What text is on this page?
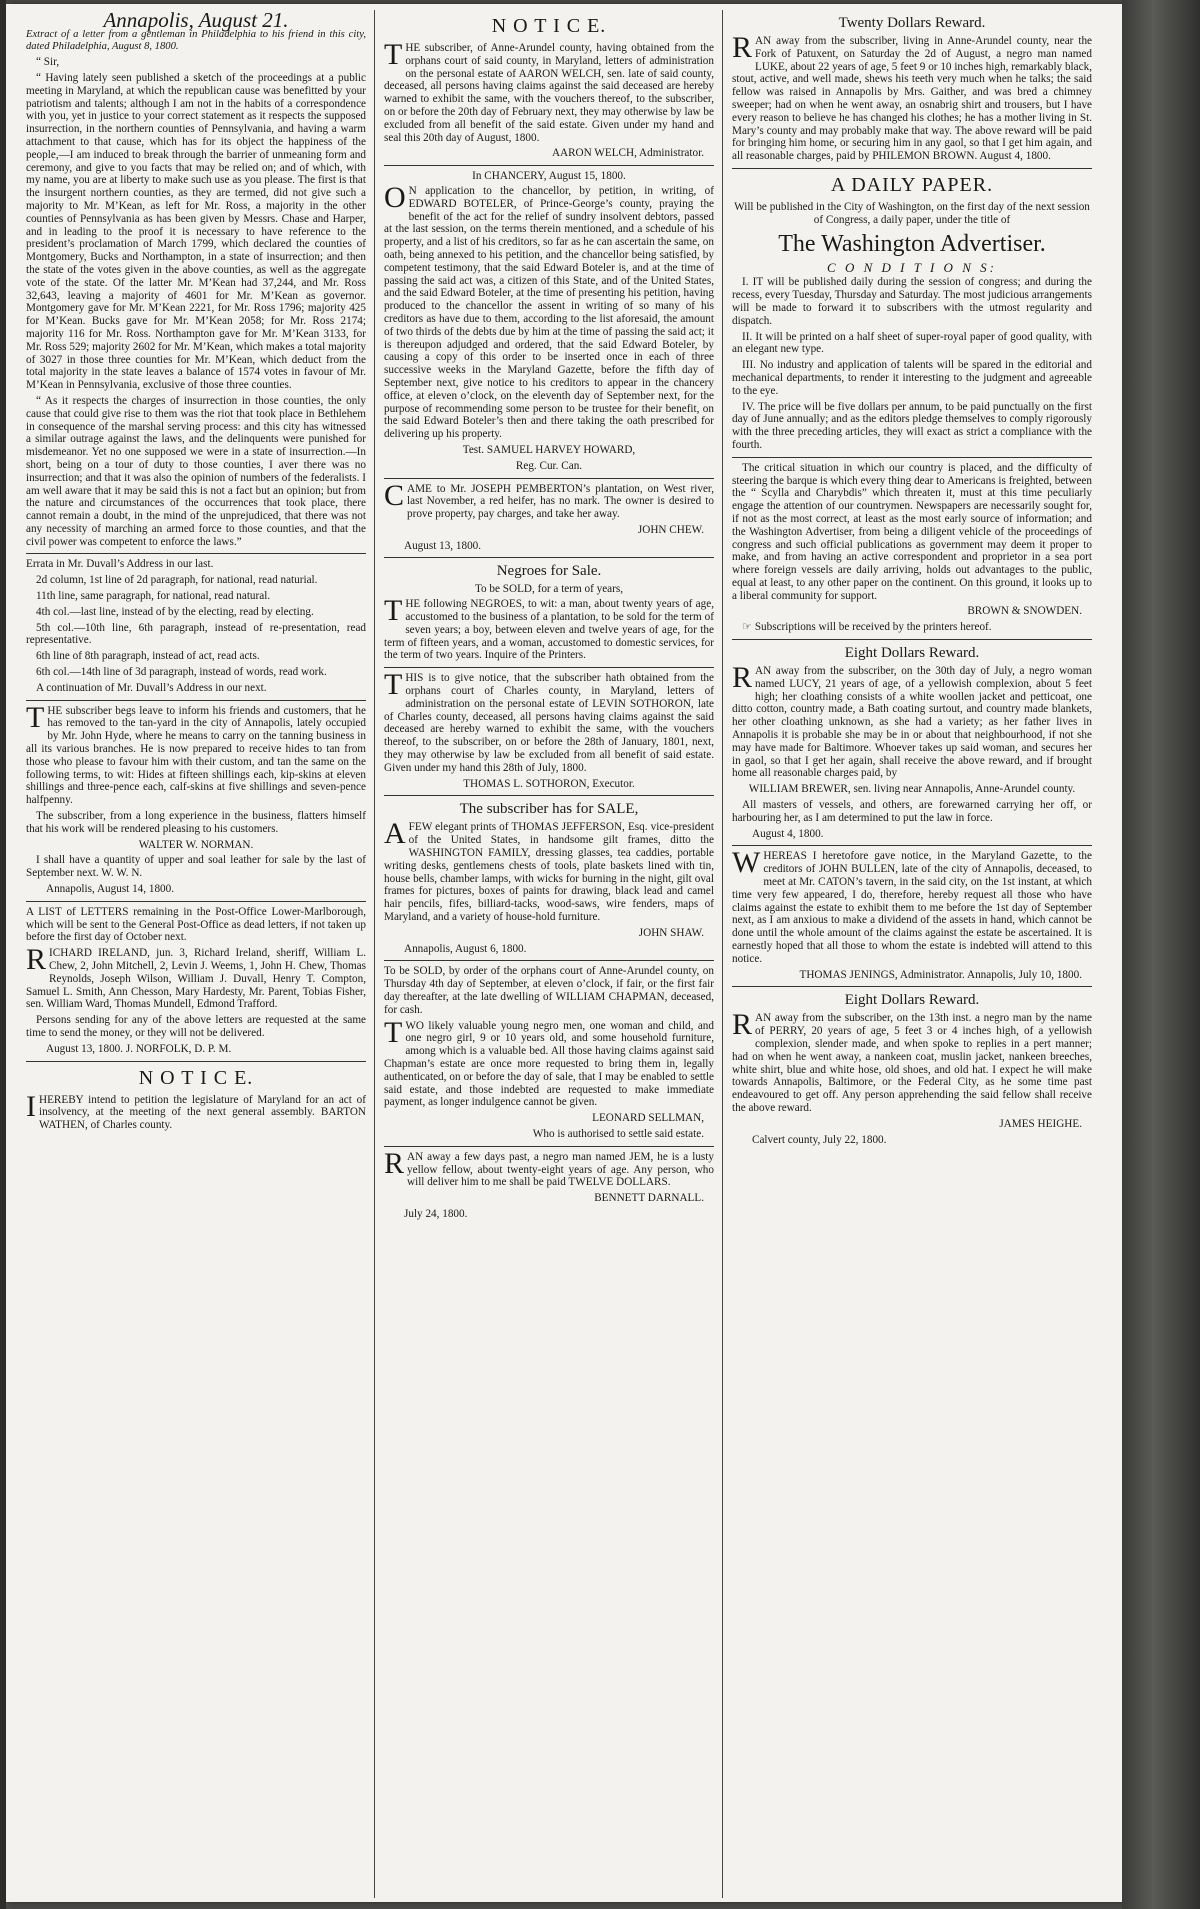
Annapolis, August 21.

Extract of a letter from a gentleman in Philadelphia to his friend in this city, dated Philadelphia, August 8, 1800.

“ Sir,

“ Having lately seen published a sketch of the proceedings at a public meeting in Maryland, at which the republican cause was benefitted by your patriotism and talents; although I am not in the habits of a correspondence with you, yet in justice to your correct statement as it respects the supposed insurrection, in the northern counties of Pennsylvania, and having a warm attachment to that cause, which has for its object the happiness of the people,—I am induced to break through the barrier of unmeaning form and ceremony, and give to you facts that may be relied on; and of which, with my name, you are at liberty to make such use as you please. The first is that the insurgent northern counties, as they are termed, did not give such a majority to Mr. M’Kean, as left for Mr. Ross, a majority in the other counties of Pennsylvania as has been given by Messrs. Chase and Harper, and in leading to the proof it is necessary to have reference to the president’s proclamation of March 1799, which declared the counties of Montgomery, Bucks and Northampton, in a state of insurrection; and then the state of the votes given in the above counties, as well as the aggregate vote of the state. Of the latter Mr. M’Kean had 37,244, and Mr. Ross 32,643, leaving a majority of 4601 for Mr. M’Kean as governor. Montgomery gave for Mr. M’Kean 2221, for Mr. Ross 1796; majority 425 for M’Kean. Bucks gave for Mr. M’Kean 2058; for Mr. Ross 2174; majority 116 for Mr. Ross. Northampton gave for Mr. M’Kean 3133, for Mr. Ross 529; majority 2602 for Mr. M’Kean, which makes a total majority of 3027 in those three counties for Mr. M’Kean, which deduct from the total majority in the state leaves a balance of 1574 votes in favour of Mr. M’Kean in Pennsylvania, exclusive of those three counties.

“ As it respects the charges of insurrection in those counties, the only cause that could give rise to them was the riot that took place in Bethlehem in consequence of the marshal serving process: and this city has witnessed a similar outrage against the laws, and the delinquents were punished for misdemeanor. Yet no one supposed we were in a state of insurrection.—In short, being on a tour of duty to those counties, I aver there was no insurrection; and that it was also the opinion of numbers of the federalists. I am well aware that it may be said this is not a fact but an opinion; but from the nature and circumstances of the occurrences that took place, there cannot remain a doubt, in the mind of the unprejudiced, that there was not any necessity of marching an armed force to those counties, and that the civil power was competent to enforce the laws.”

Errata in Mr. Duvall’s Address in our last.

2d column, 1st line of 2d paragraph, for national, read naturial.

11th line, same paragraph, for national, read natural.

4th col.—last line, instead of by the electing, read by electing.

5th col.—10th line, 6th paragraph, instead of re-presentation, read representative.

6th line of 8th paragraph, instead of act, read acts.

6th col.—14th line of 3d paragraph, instead of words, read work.

A continuation of Mr. Duvall’s Address in our next.

THE subscriber begs leave to inform his friends and customers, that he has removed to the tan-yard in the city of Annapolis, lately occupied by Mr. John Hyde, where he means to carry on the tanning business in all its various branches. He is now prepared to receive hides to tan from those who please to favour him with their custom, and tan the same on the following terms, to wit: Hides at fifteen shillings each, kip-skins at eleven shillings and three-pence each, calf-skins at five shillings and seven-pence halfpenny.

The subscriber, from a long experience in the business, flatters himself that his work will be rendered pleasing to his customers.

WALTER W. NORMAN.

I shall have a quantity of upper and soal leather for sale by the last of September next. W. W. N.

Annapolis, August 14, 1800.

A LIST of LETTERS remaining in the Post-Office Lower-Marlborough, which will be sent to the General Post-Office as dead letters, if not taken up before the first day of October next.

RICHARD IRELAND, jun. 3, Richard Ireland, sheriff, William L. Chew, 2, John Mitchell, 2, Levin J. Weems, 1, John H. Chew, Thomas Reynolds, Joseph Wilson, William J. Duvall, Henry T. Compton, Samuel L. Smith, Ann Chesson, Mary Hardesty, Mr. Parent, Tobias Fisher, sen. William Ward, Thomas Mundell, Edmond Trafford.

Persons sending for any of the above letters are requested at the same time to send the money, or they will not be delivered.

August 13, 1800. J. NORFOLK, D. P. M.
N O T I C E.

IHEREBY intend to petition the legislature of Maryland for an act of insolvency, at the meeting of the next general assembly. BARTON WATHEN, of Charles county.

N O T I C E.

THE subscriber, of Anne-Arundel county, having obtained from the orphans court of said county, in Maryland, letters of administration on the personal estate of AARON WELCH, sen. late of said county, deceased, all persons having claims against the said deceased are hereby warned to exhibit the same, with the vouchers thereof, to the subscriber, on or before the 20th day of February next, they may otherwise by law be excluded from all benefit of the said estate. Given under my hand and seal this 20th day of August, 1800.

AARON WELCH, Administrator.
In CHANCERY, August 15, 1800.

ON application to the chancellor, by petition, in writing, of EDWARD BOTELER, of Prince-George’s county, praying the benefit of the act for the relief of sundry insolvent debtors, passed at the last session, on the terms therein mentioned, and a schedule of his property, and a list of his creditors, so far as he can ascertain the same, on oath, being annexed to his petition, and the chancellor being satisfied, by competent testimony, that the said Edward Boteler is, and at the time of passing the said act was, a citizen of this State, and of the United States, and the said Edward Boteler, at the time of presenting his petition, having produced to the chancellor the assent in writing of so many of his creditors as have due to them, according to the list aforesaid, the amount of two thirds of the debts due by him at the time of passing the said act; it is thereupon adjudged and ordered, that the said Edward Boteler, by causing a copy of this order to be inserted once in each of three successive weeks in the Maryland Gazette, before the fifth day of September next, give notice to his creditors to appear in the chancery office, at eleven o’clock, on the eleventh day of September next, for the purpose of recommending some person to be trustee for their benefit, on the said Edward Boteler’s then and there taking the oath prescribed for delivering up his property.

Test. SAMUEL HARVEY HOWARD,
Reg. Cur. Can.

CAME to Mr. JOSEPH PEMBERTON’s plantation, on West river, last November, a red heifer, has no mark. The owner is desired to prove property, pay charges, and take her away.

JOHN CHEW.
August 13, 1800.
Negroes for Sale.
To be SOLD, for a term of years,

THE following NEGROES, to wit: a man, about twenty years of age, accustomed to the business of a plantation, to be sold for the term of seven years; a boy, between eleven and twelve years of age, for the term of fifteen years, and a woman, accustomed to domestic services, for the term of two years. Inquire of the Printers.

THIS is to give notice, that the subscriber hath obtained from the orphans court of Charles county, in Maryland, letters of administration on the personal estate of LEVIN SOTHORON, late of Charles county, deceased, all persons having claims against the said deceased are hereby warned to exhibit the same, with the vouchers thereof, to the subscriber, on or before the 28th of January, 1801, next, they may otherwise by law be excluded from all benefit of said estate. Given under my hand this 28th of July, 1800.

THOMAS L. SOTHORON, Executor.
The subscriber has for SALE,

AFEW elegant prints of THOMAS JEFFERSON, Esq. vice-president of the United States, in handsome gilt frames, ditto the WASHINGTON FAMILY, dressing glasses, tea caddies, portable writing desks, gentlemens chests of tools, plate baskets lined with tin, house bells, chamber lamps, with wicks for burning in the night, gilt oval frames for pictures, boxes of paints for drawing, black lead and camel hair pencils, fifes, billiard-tacks, wood-saws, wire fenders, maps of Maryland, and a variety of house-hold furniture.

JOHN SHAW.
Annapolis, August 6, 1800.

To be SOLD, by order of the orphans court of Anne-Arundel county, on Thursday 4th day of September, at eleven o’clock, if fair, or the first fair day thereafter, at the late dwelling of WILLIAM CHAPMAN, deceased, for cash.

TWO likely valuable young negro men, one woman and child, and one negro girl, 9 or 10 years old, and some household furniture, among which is a valuable bed. All those having claims against said Chapman’s estate are once more requested to bring them in, legally authenticated, on or before the day of sale, that I may be enabled to settle said estate, and those indebted are requested to make immediate payment, as longer indulgence cannot be given.

LEONARD SELLMAN,
Who is authorised to settle said estate.

RAN away a few days past, a negro man named JEM, he is a lusty yellow fellow, about twenty-eight years of age. Any person, who will deliver him to me shall be paid TWELVE DOLLARS.

BENNETT DARNALL.
July 24, 1800.
Twenty Dollars Reward.

RAN away from the subscriber, living in Anne-Arundel county, near the Fork of Patuxent, on Saturday the 2d of August, a negro man named LUKE, about 22 years of age, 5 feet 9 or 10 inches high, remarkably black, stout, active, and well made, shews his teeth very much when he talks; the said fellow was raised in Annapolis by Mrs. Gaither, and was bred a chimney sweeper; had on when he went away, an osnabrig shirt and trousers, but I have every reason to believe he has changed his clothes; he has a mother living in St. Mary’s county and may probably make that way. The above reward will be paid for bringing him home, or securing him in any gaol, so that I get him again, and all reasonable charges, paid by PHILEMON BROWN. August 4, 1800.

A DAILY PAPER.

Will be published in the City of Washington, on the first day of the next session of Congress, a daily paper, under the title of

The Washington Advertiser.
C O N D I T I O N S:

I. IT will be published daily during the session of congress; and during the recess, every Tuesday, Thursday and Saturday. The most judicious arrangements will be made to forward it to subscribers with the utmost regularity and dispatch.

II. It will be printed on a half sheet of super-royal paper of good quality, with an elegant new type.

III. No industry and application of talents will be spared in the editorial and mechanical departments, to render it interesting to the judgment and agreeable to the eye.

IV. The price will be five dollars per annum, to be paid punctually on the first day of June annually; and as the editors pledge themselves to comply rigorously with the three preceding articles, they will exact as strict a compliance with the fourth.

The critical situation in which our country is placed, and the difficulty of steering the barque is which every thing dear to Americans is freighted, between the “ Scylla and Charybdis” which threaten it, must at this time peculiarly engage the attention of our countrymen. Newspapers are necessarily sought for, if not as the most correct, at least as the most early source of information; and the Washington Advertiser, from being a diligent vehicle of the proceedings of congress and such official publications as government may deem it proper to make, and from having an active correspondent and proprietor in a sea port where foreign vessels are daily arriving, holds out advantages to the public, equal at least, to any other paper on the continent. On this ground, it looks up to a liberal community for support.

BROWN & SNOWDEN.

☞ Subscriptions will be received by the printers hereof.

Eight Dollars Reward.

RAN away from the subscriber, on the 30th day of July, a negro woman named LUCY, 21 years of age, of a yellowish complexion, about 5 feet high; her cloathing consists of a white woollen jacket and petticoat, one ditto cotton, country made, a Bath coating surtout, and country made blankets, her other cloathing unknown, as she had a variety; as her father lives in Annapolis it is probable she may be in or about that neighbourhood, if not she may have made for Baltimore. Whoever takes up said woman, and secures her in gaol, so that I get her again, shall receive the above reward, and if brought home all reasonable charges paid, by

WILLIAM BREWER, sen. living near Annapolis, Anne-Arundel county.

All masters of vessels, and others, are forewarned carrying her off, or harbouring her, as I am determined to put the law in force.

August 4, 1800.

WHEREAS I heretofore gave notice, in the Maryland Gazette, to the creditors of JOHN BULLEN, late of the city of Annapolis, deceased, to meet at Mr. CATON’s tavern, in the said city, on the 1st instant, at which time very few appeared, I do, therefore, hereby request all those who have claims against the estate to exhibit them to me before the 1st day of September next, as I am anxious to make a dividend of the assets in hand, which cannot be done until the whole amount of the claims against the estate be ascertained. It is earnestly hoped that all those to whom the estate is indebted will attend to this notice.

THOMAS JENINGS, Administrator. Annapolis, July 10, 1800.
Eight Dollars Reward.

RAN away from the subscriber, on the 13th inst. a negro man by the name of PERRY, 20 years of age, 5 feet 3 or 4 inches high, of a yellowish complexion, slender made, and when spoke to replies in a pert manner; had on when he went away, a nankeen coat, muslin jacket, nankeen breeches, white shirt, blue and white hose, old shoes, and old hat. I expect he will make towards Annapolis, Baltimore, or the Federal City, as he some time past endeavoured to get off. Any person apprehending the said fellow shall receive the above reward.

JAMES HEIGHE.
Calvert county, July 22, 1800.
